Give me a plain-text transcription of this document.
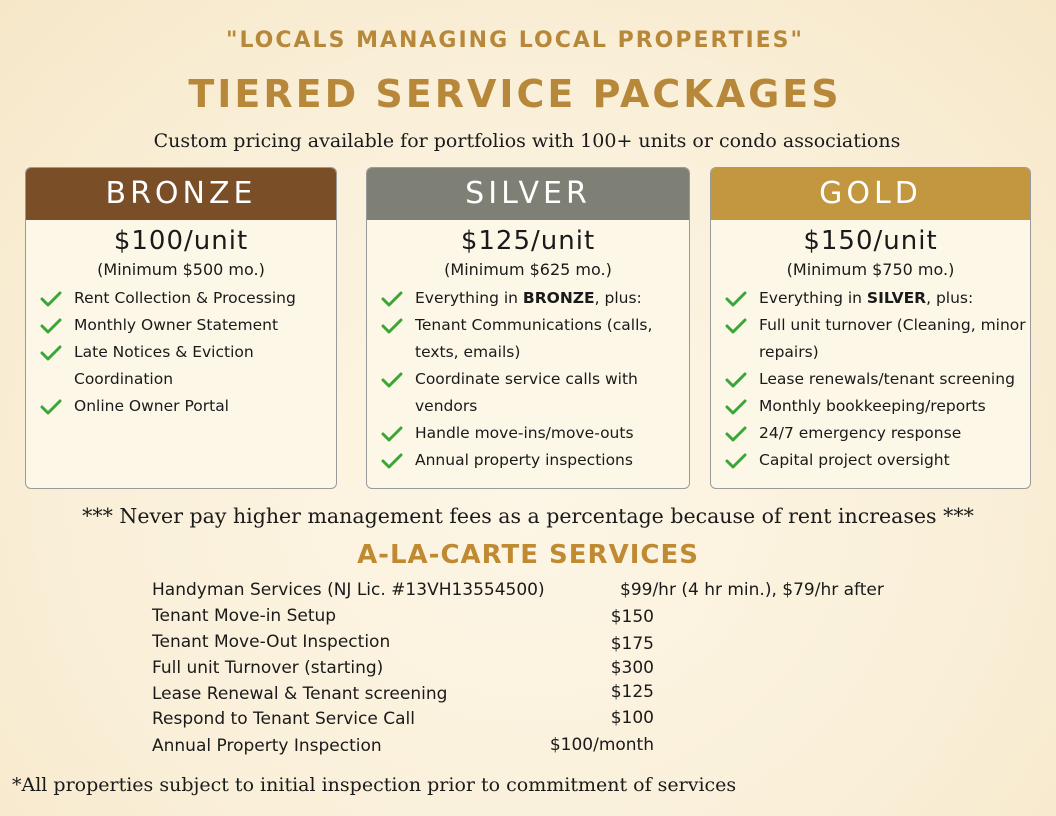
"LOCALS MANAGING LOCAL PROPERTIES"
TIERED SERVICE PACKAGES
Custom pricing available for portfolios with 100+ units or condo associations
BRONZE
$100/unit
(Minimum $500 mo.)
Rent Collection & Processing
Monthly Owner Statement
Late Notices & Eviction Coordination
Online Owner Portal
SILVER
$125/unit
(Minimum $625 mo.)
Everything in BRONZE, plus:
Tenant Communications (calls, texts, emails)
Coordinate service calls with vendors
Handle move-ins/move-outs
Annual property inspections
GOLD
$150/unit
(Minimum $750 mo.)
Everything in SILVER, plus:
Full unit turnover (Cleaning, minor repairs)
Lease renewals/tenant screening
Monthly bookkeeping/reports
24/7 emergency response
Capital project oversight
*** Never pay higher management fees as a percentage because of rent increases ***
A-LA-CARTE SERVICES
Handyman Services (NJ Lic. #13VH13554500)	$99/hr (4 hr min.), $79/hr after
Tenant Move-in Setup	$150
Tenant Move-Out Inspection	$175
Full unit Turnover (starting)	$300
Lease Renewal & Tenant screening	$125
Respond to Tenant Service Call	$100
Annual Property Inspection	$100/month
*All properties subject to initial inspection prior to commitment of services
